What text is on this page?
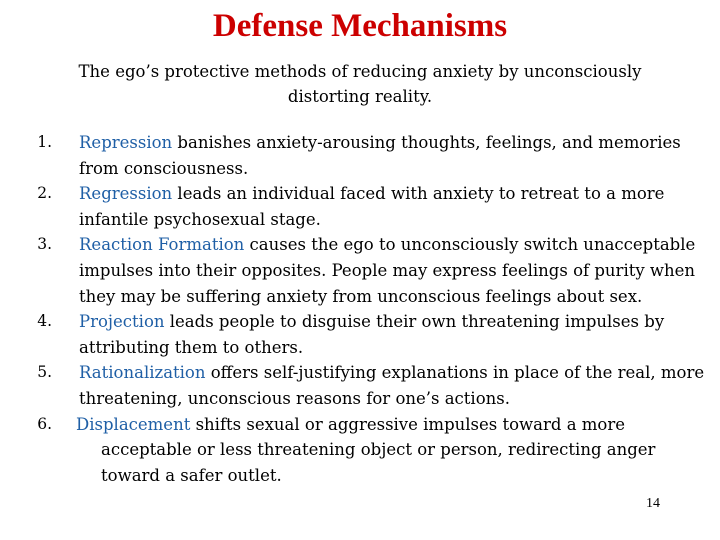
Defense Mechanisms
The ego’s protective methods of reducing anxiety by unconsciously distorting reality.
1. Repression banishes anxiety-arousing thoughts, feelings, and memories from consciousness.
2. Regression leads an individual faced with anxiety to retreat to a more infantile psychosexual stage.
3. Reaction Formation causes the ego to unconsciously switch unacceptable impulses into their opposites. People may express feelings of purity when they may be suffering anxiety from unconscious feelings about sex.
4. Projection leads people to disguise their own threatening impulses by attributing them to others.
5. Rationalization offers self-justifying explanations in place of the real, more threatening, unconscious reasons for one’s actions.
6. Displacement shifts sexual or aggressive impulses toward a more acceptable or less threatening object or person, redirecting anger toward a safer outlet.
14
